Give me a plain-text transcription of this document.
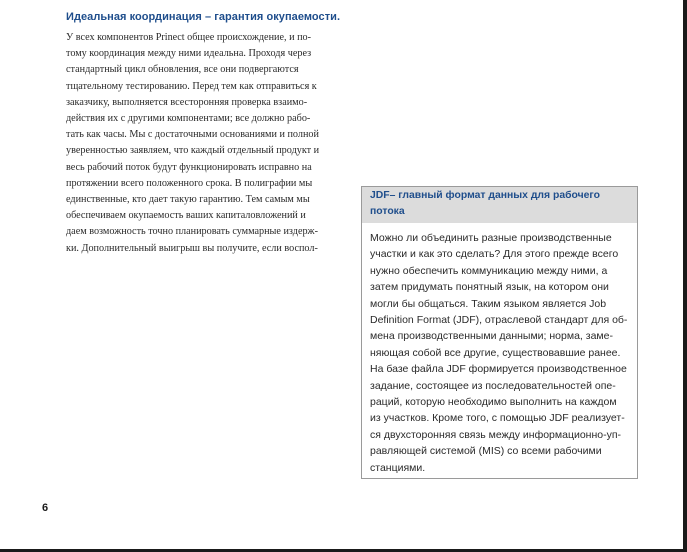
Идеальная координация – гарантия окупаемости.
У всех компонентов Prinect общее происхождение, и по-
тому координация между ними идеальна. Проходя через
стандартный цикл обновления, все они подвергаются
тщательному тестированию. Перед тем как отправиться к
заказчику, выполняется всесторонняя проверка взаимо-
действия их с другими компонентами; все должно рабо-
тать как часы. Мы с достаточными основаниями и полной
уверенностью заявляем, что каждый отдельный продукт и
весь рабочий поток будут функционировать исправно на
протяжении всего положенного срока. В полиграфии мы
единственные, кто дает такую гарантию. Тем самым мы
обеспечиваем окупаемость ваших капиталовложений и
даем возможность точно планировать суммарные издерж-
ки. Дополнительный выигрыш вы получите, если воспол-
JDF– главный формат данных для рабочего
потока
Можно ли объединить разные производственные
участки и как это сделать? Для этого прежде всего
нужно обеспечить коммуникацию между ними, а
затем придумать понятный язык, на котором они
могли бы общаться. Таким языком является Job
Definition Format (JDF), отраслевой стандарт для об-
мена производственными данными; норма, заме-
няющая собой все другие, существовавшие ранее.
На базе файла JDF формируется производственное
задание, состоящее из последовательностей опе-
раций, которую необходимо выполнить на каждом
из участков. Кроме того, с помощью JDF реализует-
ся двухсторонняя связь между информационно-уп-
равляющей системой (MIS) со всеми рабочими
станциями.
6
